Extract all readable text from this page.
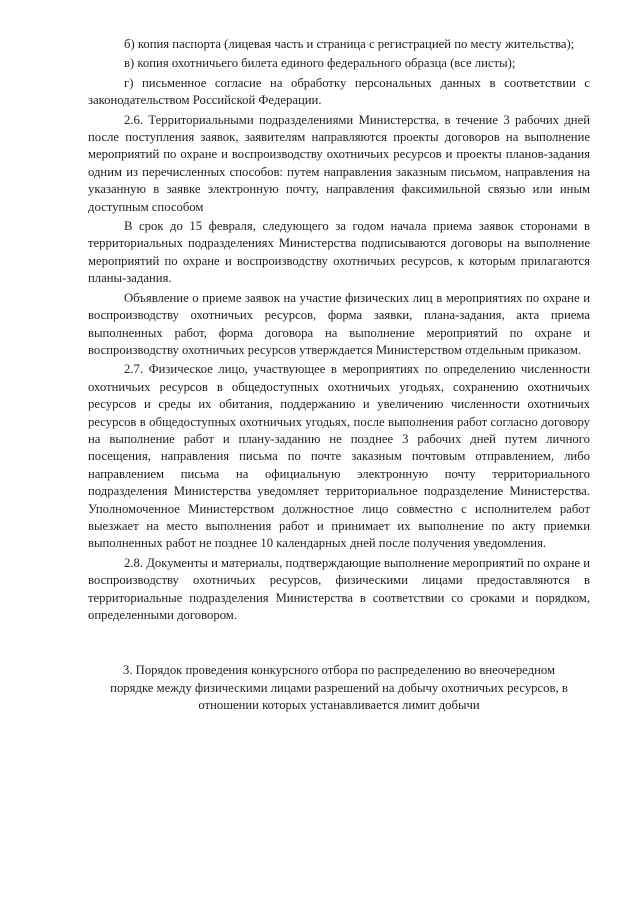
б) копия паспорта (лицевая часть и страница с регистрацией по месту жительства);

в) копия охотничьего билета единого федерального образца (все листы);

г) письменное согласие на обработку персональных данных в соответствии с законодательством Российской Федерации.

2.6. Территориальными подразделениями Министерства, в течение 3 рабочих дней после поступления заявок, заявителям направляются проекты договоров на выполнение мероприятий по охране и воспроизводству охотничьих ресурсов и проекты планов-задания одним из перечисленных способов: путем направления заказным письмом, направления на указанную в заявке электронную почту, направления факсимильной связью или иным доступным способом

В срок до 15 февраля, следующего за годом начала приема заявок сторонами в территориальных подразделениях Министерства подписываются договоры на выполнение мероприятий по охране и воспроизводству охотничьих ресурсов, к которым прилагаются планы-задания.

Объявление о приеме заявок на участие физических лиц в мероприятиях по охране и воспроизводству охотничьих ресурсов, форма заявки, плана-задания, акта приема выполненных работ, форма договора на выполнение мероприятий по охране и воспроизводству охотничьих ресурсов утверждается Министерством отдельным приказом.

2.7. Физическое лицо, участвующее в мероприятиях по определению численности охотничьих ресурсов в общедоступных охотничьих угодьях, сохранению охотничьих ресурсов и среды их обитания, поддержанию и увеличению численности охотничьих ресурсов в общедоступных охотничьих угодьях, после выполнения работ согласно договору на выполнение работ и плану-заданию не позднее 3 рабочих дней путем личного посещения, направления письма по почте заказным почтовым отправлением, либо направлением письма на официальную электронную почту территориального подразделения Министерства уведомляет территориальное подразделение Министерства. Уполномоченное Министерством должностное лицо совместно с исполнителем работ выезжает на место выполнения работ и принимает их выполнение по акту приемки выполненных работ не позднее 10 календарных дней после получения уведомления.

2.8. Документы и материалы, подтверждающие выполнение мероприятий по охране и воспроизводству охотничьих ресурсов, физическими лицами предоставляются в территориальные подразделения Министерства в соответствии со сроками и порядком, определенными договором.

3. Порядок проведения конкурсного отбора по распределению во внеочередном порядке между физическими лицами разрешений на добычу охотничьих ресурсов, в отношении которых устанавливается лимит добычи
